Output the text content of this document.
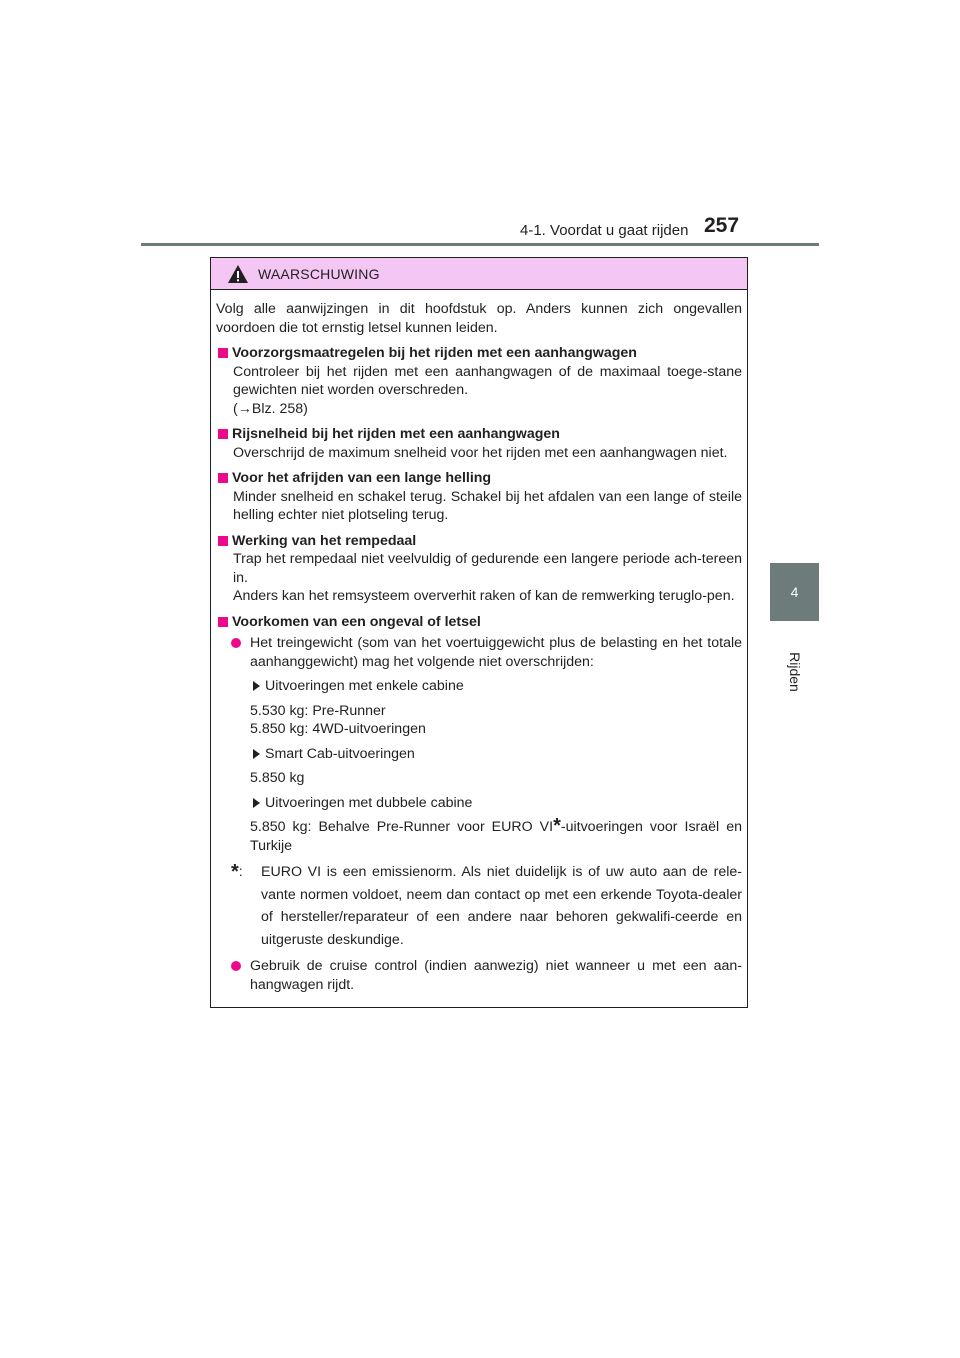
4-1. Voordat u gaat rijden 257
4
Rijden
WAARSCHUWING

Volg alle aanwijzingen in dit hoofdstuk op. Anders kunnen zich ongevallen voordoen die tot ernstig letsel kunnen leiden.

Voorzorgsmaatregelen bij het rijden met een aanhangwagen

Controleer bij het rijden met een aanhangwagen of de maximaal toege-stane gewichten niet worden overschreden.

(→Blz. 258)

Rijsnelheid bij het rijden met een aanhangwagen

Overschrijd de maximum snelheid voor het rijden met een aanhangwagen niet.

Voor het afrijden van een lange helling

Minder snelheid en schakel terug. Schakel bij het afdalen van een lange of steile helling echter niet plotseling terug.

Werking van het rempedaal

Trap het rempedaal niet veelvuldig of gedurende een langere periode ach-tereen in.

Anders kan het remsysteem oververhit raken of kan de remwerking teruglo-pen.

Voorkomen van een ongeval of letsel
Het treingewicht (som van het voertuiggewicht plus de belasting en het totale aanhanggewicht) mag het volgende niet overschrijden:
Uitvoeringen met enkele cabine
5.530 kg: Pre-Runner
5.850 kg: 4WD-uitvoeringen
Smart Cab-uitvoeringen
5.850 kg
Uitvoeringen met dubbele cabine
5.850 kg: Behalve Pre-Runner voor EURO VI*-uitvoeringen voor Israël en Turkije
*:	EURO VI is een emissienorm. Als niet duidelijk is of uw auto aan de rele-vante normen voldoet, neem dan contact op met een erkende Toyota-dealer of hersteller/reparateur of een andere naar behoren gekwalifi-ceerde en uitgeruste deskundige.
Gebruik de cruise control (indien aanwezig) niet wanneer u met een aan-hangwagen rijdt.
